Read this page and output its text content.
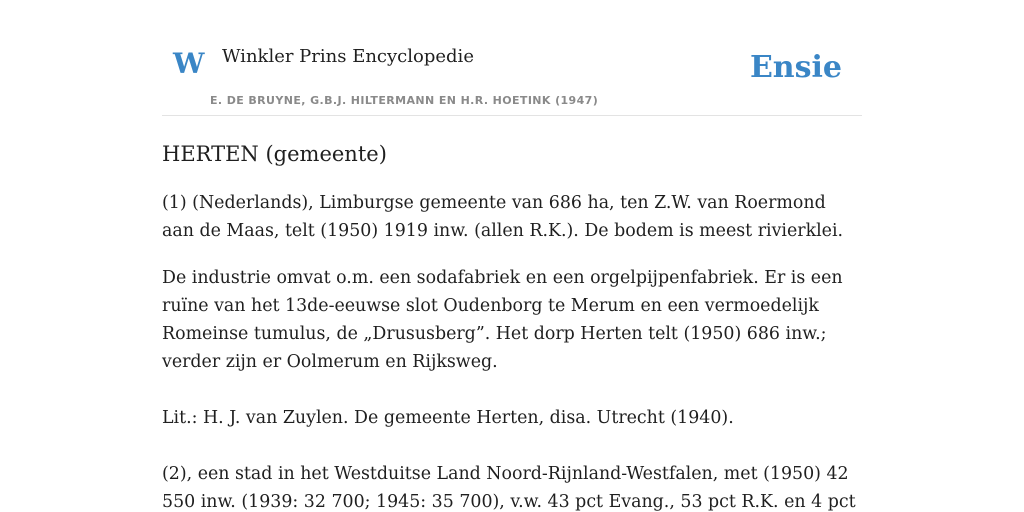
W Winkler Prins Encyclopedie
E. DE BRUYNE, G.B.J. HILTERMANN EN H.R. HOETINK (1947)
Ensie
HERTEN (gemeente)

(1) (Nederlands), Limburgse gemeente van 686 ha, ten Z.W. van Roermond aan de Maas, telt (1950) 1919 inw. (allen R.K.). De bodem is meest rivierklei.

De industrie omvat o.m. een sodafabriek en een orgelpijpenfabriek. Er is een ruïne van het 13de-eeuwse slot Oudenborg te Merum en een vermoedelijk Romeinse tumulus, de „Drususberg”. Het dorp Herten telt (1950) 686 inw.; verder zijn er Oolmerum en Rijksweg.

Lit.: H. J. van Zuylen. De gemeente Herten, disa. Utrecht (1940).

(2), een stad in het Westduitse Land Noord-Rijnland-Westfalen, met (1950) 42 550 inw. (1939: 32 700; 1945: 35 700), v.w. 43 pct Evang., 53 pct R.K. en 4 pct
